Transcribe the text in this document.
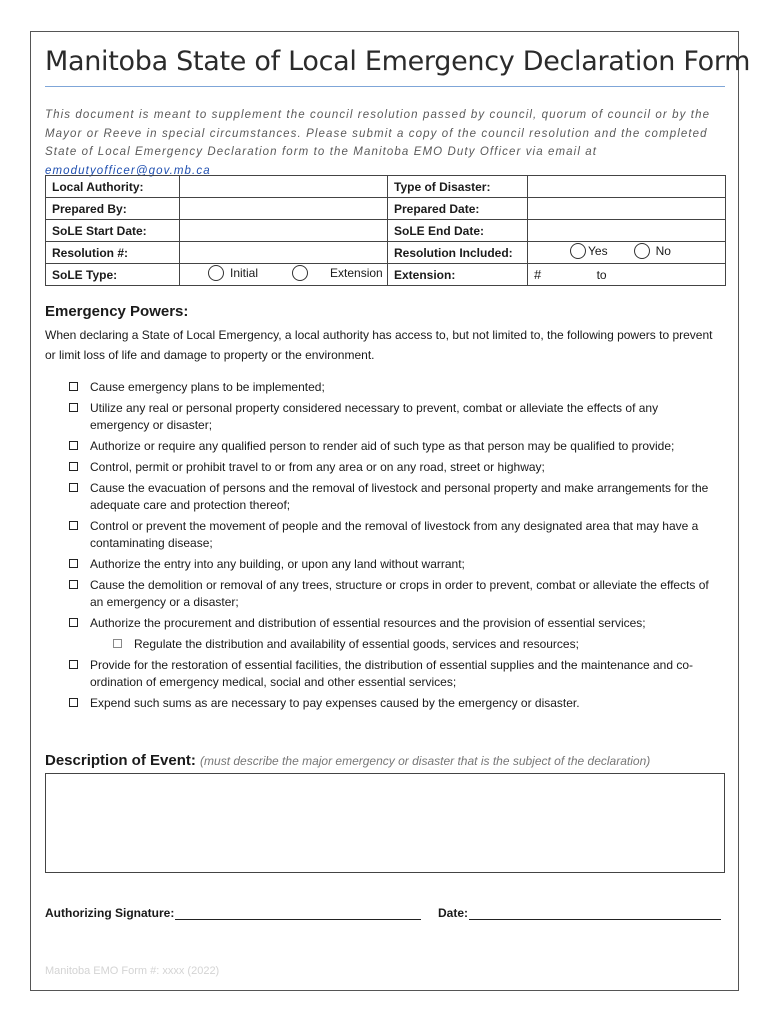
Manitoba State of Local Emergency Declaration Form
This document is meant to supplement the council resolution passed by council, quorum of council or by the Mayor or Reeve in special circumstances. Please submit a copy of the council resolution and the completed State of Local Emergency Declaration form to the Manitoba EMO Duty Officer via email at emodutyofficer@gov.mb.ca
Local Authority:		Type of Disaster:	
Prepared By:		Prepared Date:	
SoLE Start Date:		SoLE End Date:	
Resolution #:		Resolution Included:	Yes No

SoLE Type:	Initial Extension	Extension:	# to
Emergency Powers:
When declaring a State of Local Emergency, a local authority has access to, but not limited to, the following powers to prevent or limit loss of life and damage to property or the environment.
Cause emergency plans to be implemented;
Utilize any real or personal property considered necessary to prevent, combat or alleviate the effects of any emergency or disaster;
Authorize or require any qualified person to render aid of such type as that person may be qualified to provide;
Control, permit or prohibit travel to or from any area or on any road, street or highway;
Cause the evacuation of persons and the removal of livestock and personal property and make arrangements for the adequate care and protection thereof;
Control or prevent the movement of people and the removal of livestock from any designated area that may have a contaminating disease;
Authorize the entry into any building, or upon any land without warrant;
Cause the demolition or removal of any trees, structure or crops in order to prevent, combat or alleviate the effects of an emergency or a disaster;
Authorize the procurement and distribution of essential resources and the provision of essential services;
Regulate the distribution and availability of essential goods, services and resources;
Provide for the restoration of essential facilities, the distribution of essential supplies and the maintenance and co-ordination of emergency medical, social and other essential services;
Expend such sums as are necessary to pay expenses caused by the emergency or disaster.
Description of Event: (must describe the major emergency or disaster that is the subject of the declaration)
Authorizing Signature:	Date:
Manitoba EMO Form #: xxxx (2022)
